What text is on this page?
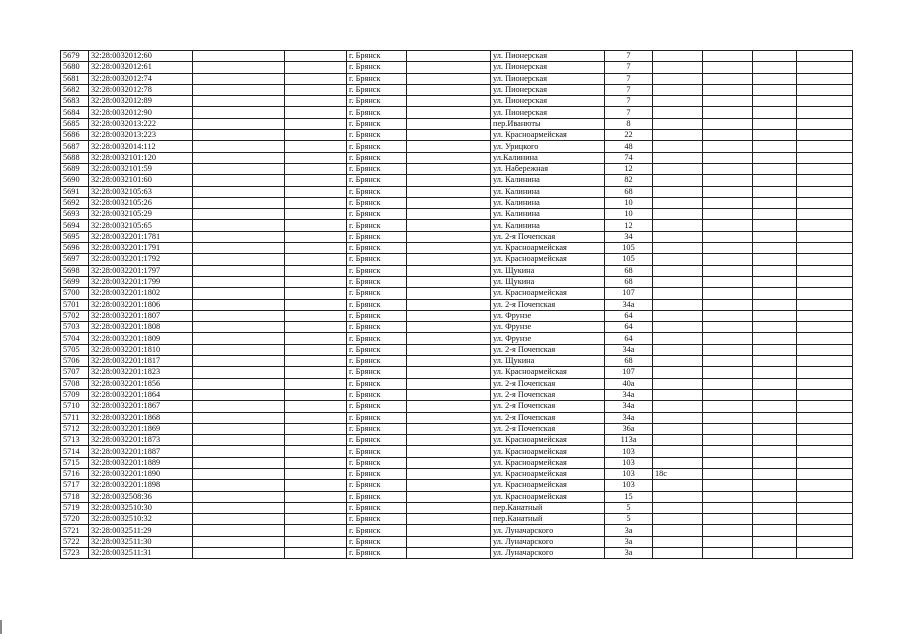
5679	32:28:0032012:60			г. Брянск		ул. Пионерская	7				
5680	32:28:0032012:61			г. Брянск		ул. Пионерская	7				
5681	32:28:0032012:74			г. Брянск		ул. Пионерская	7				
5682	32:28:0032012:78			г. Брянск		ул. Пионерская	7				
5683	32:28:0032012:89			г. Брянск		ул. Пионерская	7				
5684	32:28:0032012:90			г. Брянск		ул. Пионерская	7				
5685	32:28:0032013:222			г. Брянск		пер.Иванюты	8				
5686	32:28:0032013:223			г. Брянск		ул. Красноармейская	22				
5687	32:28:0032014:112			г. Брянск		ул. Урицкого	48				
5688	32:28:0032101:120			г. Брянск		ул.Калинина	74				
5689	32:28:0032101:59			г. Брянск		ул. Набережная	12				
5690	32:28:0032101:60			г. Брянск		ул. Калинина	82				
5691	32:28:0032105:63			г. Брянск		ул. Калинина	68				
5692	32:28:0032105:26			г. Брянск		ул. Калинина	10				
5693	32:28:0032105:29			г. Брянск		ул. Калинина	10				
5694	32:28:0032105:65			г. Брянск		ул. Калинина	12				
5695	32:28:0032201:1781			г. Брянск		ул. 2-я Почепская	34				
5696	32:28:0032201:1791			г. Брянск		ул. Красноармейская	105				
5697	32:28:0032201:1792			г. Брянск		ул. Красноармейская	105				
5698	32:28:0032201:1797			г. Брянск		ул. Щукина	68				
5699	32:28:0032201:1799			г. Брянск		ул. Щукина	68				
5700	32:28:0032201:1802			г. Брянск		ул. Красноармейская	107				
5701	32:28:0032201:1806			г. Брянск		ул. 2-я Почепская	34а				
5702	32:28:0032201:1807			г. Брянск		ул. Фрунзе	64				
5703	32:28:0032201:1808			г. Брянск		ул. Фрунзе	64				
5704	32:28:0032201:1809			г. Брянск		ул. Фрунзе	64				
5705	32:28:0032201:1810			г. Брянск		ул. 2-я Почепская	34а				
5706	32:28:0032201:1817			г. Брянск		ул. Щукина	68				
5707	32:28:0032201:1823			г. Брянск		ул. Красноармейская	107				
5708	32:28:0032201:1856			г. Брянск		ул. 2-я Почепская	40а				
5709	32:28:0032201:1864			г. Брянск		ул. 2-я Почепская	34а				
5710	32:28:0032201:1867			г. Брянск		ул. 2-я Почепская	34а				
5711	32:28:0032201:1868			г. Брянск		ул. 2-я Почепская	34а				
5712	32:28:0032201:1869			г. Брянск		ул. 2-я Почепская	36а				
5713	32:28:0032201:1873			г. Брянск		ул. Красноармейская	113а				
5714	32:28:0032201:1887			г. Брянск		ул. Красноармейская	103				
5715	32:28:0032201:1889			г. Брянск		ул. Красноармейская	103				
5716	32:28:0032201:1890			г. Брянск		ул. Красноармейская	103	18с			
5717	32:28:0032201:1898			г. Брянск		ул. Красноармейская	103				
5718	32:28:0032508:36			г. Брянск		ул. Красноармейская	15				
5719	32:28:0032510:30			г. Брянск		пер.Канатный	5				
5720	32:28:0032510:32			г. Брянск		пер.Канатный	5				
5721	32:28:0032511:29			г. Брянск		ул. Луначарского	3а				
5722	32:28:0032511:30			г. Брянск		ул. Луначарского	3а				
5723	32:28:0032511:31			г. Брянск		ул. Луначарского	3а				
